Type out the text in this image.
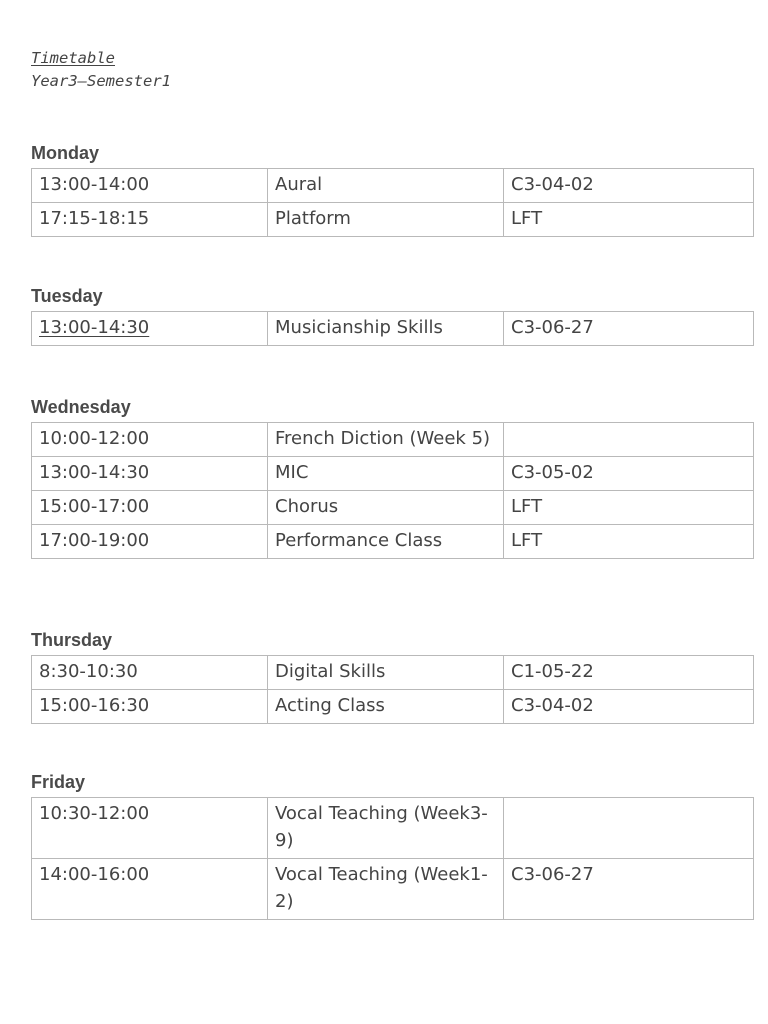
Timetable
Year3—Semester1
Monday
13:00-14:00	Aural	C3-04-02
17:15-18:15	Platform	LFT
Tuesday
13:00-14:30	Musicianship Skills	C3-06-27
Wednesday
10:00-12:00	French Diction (Week 5)	
13:00-14:30	MIC	C3-05-02
15:00-17:00	Chorus	LFT
17:00-19:00	Performance Class	LFT
Thursday
8:30-10:30	Digital Skills	C1-05-22
15:00-16:30	Acting Class	C3-04-02
Friday
10:30-12:00	Vocal Teaching (Week3-9)	
14:00-16:00	Vocal Teaching (Week1-2)	C3-06-27
